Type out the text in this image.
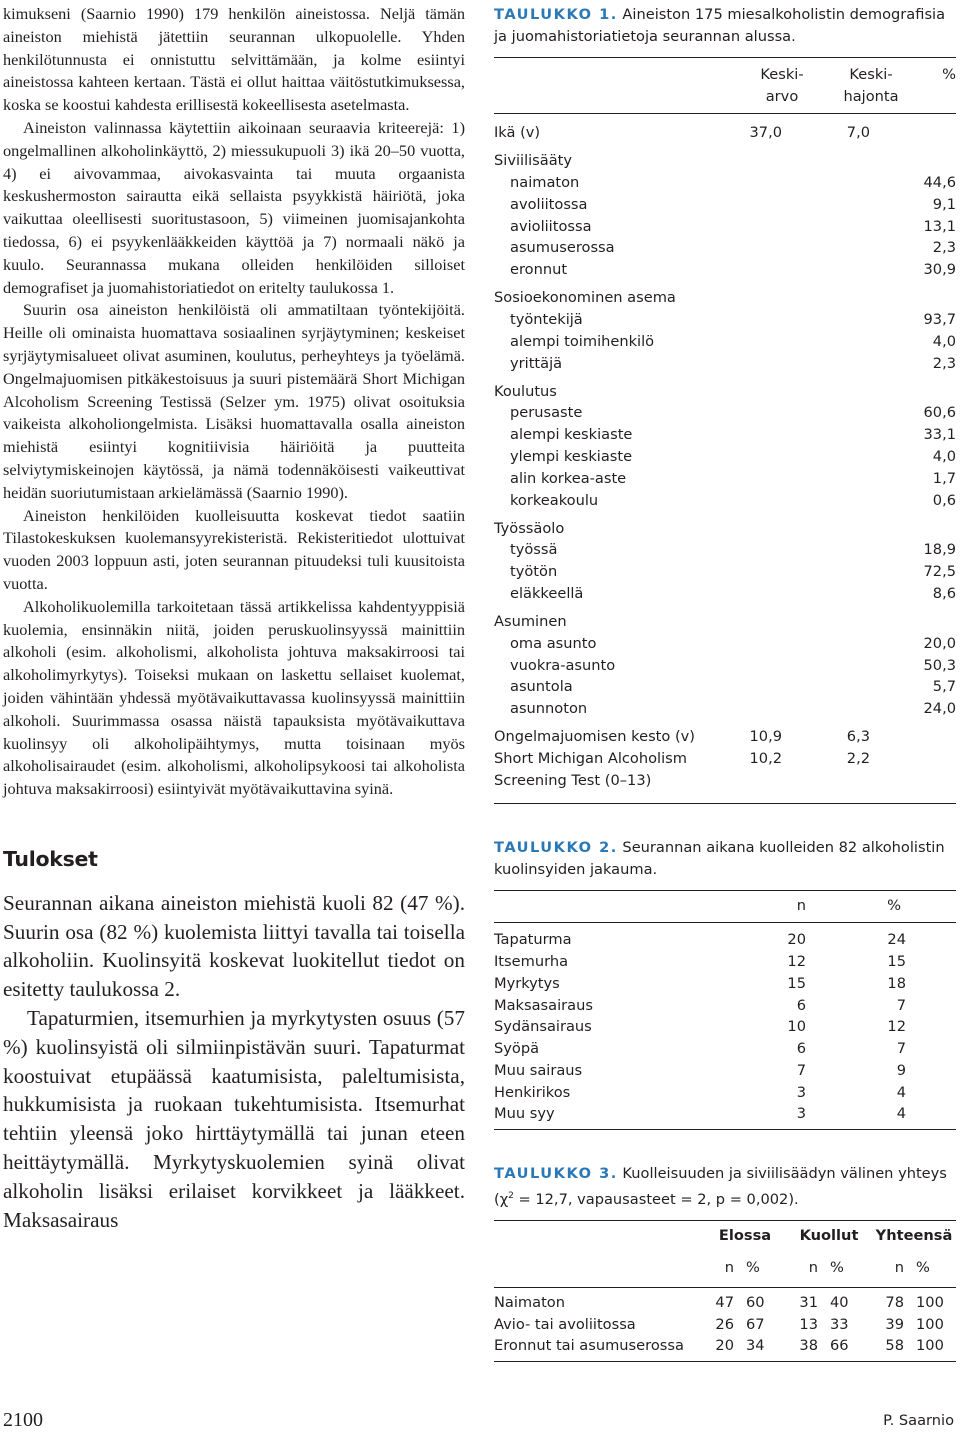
kimukseni (Saarnio 1990) 179 henkilön aineistossa. Neljä tämän aineiston miehistä jätettiin seurannan ulkopuolelle. Yhden henkilötunnusta ei onnistuttu selvittämään, ja kolme esiintyi aineistossa kahteen kertaan. Tästä ei ollut haittaa väitöstutkimuksessa, koska se koostui kahdesta erillisestä kokeellisesta asetelmasta.

Aineiston valinnassa käytettiin aikoinaan seuraavia kriteerejä: 1) ongelmallinen alkoholinkäyttö, 2) miessukupuoli 3) ikä 20–50 vuotta, 4) ei aivovammaa, aivokasvainta tai muuta orgaanista keskushermoston sairautta eikä sellaista psyykkistä häiriötä, joka vaikuttaa oleellisesti suoritustasoon, 5) viimeinen juomisajankohta tiedossa, 6) ei psyykenlääkkeiden käyttöä ja 7) normaali näkö ja kuulo. Seurannassa mukana olleiden henkilöiden silloiset demografiset ja juomahistoriatiedot on eritelty taulukossa 1.

Suurin osa aineiston henkilöistä oli ammatiltaan työntekijöitä. Heille oli ominaista huomattava sosiaalinen syrjäytyminen; keskeiset syrjäytymisalueet olivat asuminen, koulutus, perheyhteys ja työelämä. Ongelmajuomisen pitkäkestoisuus ja suuri pistemäärä Short Michigan Alcoholism Screening Testissä (Selzer ym. 1975) olivat osoituksia vaikeista alkoholiongelmista. Lisäksi huomattavalla osalla aineiston miehistä esiintyi kognitiivisia häiriöitä ja puutteita selviytymiskeinojen käytössä, ja nämä todennäköisesti vaikeuttivat heidän suoriutumistaan arkielämässä (Saarnio 1990).

Aineiston henkilöiden kuolleisuutta koskevat tiedot saatiin Tilastokeskuksen kuolemansyyrekisteristä. Rekisteritiedot ulottuivat vuoden 2003 loppuun asti, joten seurannan pituudeksi tuli kuusitoista vuotta.

Alkoholikuolemilla tarkoitetaan tässä artikkelissa kahdentyyppisiä kuolemia, ensinnäkin niitä, joiden peruskuolinsyyssä mainittiin alkoholi (esim. alkoholismi, alkoholista johtuva maksakirroosi tai alkoholimyrkytys). Toiseksi mukaan on laskettu sellaiset kuolemat, joiden vähintään yhdessä myötävaikuttavassa kuolinsyyssä mainittiin alkoholi. Suurimmassa osassa näistä tapauksista myötävaikuttava kuolinsyy oli alkoholipäihtymys, mutta toisinaan myös alkoholisairaudet (esim. alkoholismi, alkoholipsykoosi tai alkoholista johtuva maksakirroosi) esiintyivät myötävaikuttavina syinä.

Tulokset

Seurannan aikana aineiston miehistä kuoli 82 (47 %). Suurin osa (82 %) kuolemista liittyi tavalla tai toisella alkoholiin. Kuolinsyitä koskevat luokitellut tiedot on esitetty taulukossa 2.

Tapaturmien, itsemurhien ja myrkytysten osuus (57 %) kuolinsyistä oli silmiinpistävän suuri. Tapaturmat koostuivat etupäässä kaatumisista, paleltumisista, hukkumisista ja ruokaan tukehtumisista. Itsemurhat tehtiin yleensä joko hirttäytymällä tai junan eteen heittäytymällä. Myrkytyskuolemien syinä olivat alkoholin lisäksi erilaiset korvikkeet ja lääkkeet. Maksasairaus

TAULUKKO 1. Aineiston 175 miesalkoholistin demografisia ja juomahistoriatietoja seurannan alussa.

	Keski-	Keski-	%
	arvo	hajonta	
Ikä (v)	37,0	7,0	
Siviilisääty			
naimaton			44,6
avoliitossa			9,1
avioliitossa			13,1
asumuserossa			2,3
eronnut			30,9
Sosioekonominen asema			
työntekijä			93,7
alempi toimihenkilö			4,0
yrittäjä			2,3
Koulutus			
perusaste			60,6
alempi keskiaste			33,1
ylempi keskiaste			4,0
alin korkea-aste			1,7
korkeakoulu			0,6
Työssäolo			
työssä			18,9
työtön			72,5
eläkkeellä			8,6
Asuminen			
oma asunto			20,0
vuokra-asunto			50,3
asuntola			5,7
asunnoton			24,0
Ongelmajuomisen kesto (v)	10,9	6,3	
Short Michigan Alcoholism	10,2	2,2	
Screening Test (0–13)			

TAULUKKO 2. Seurannan aikana kuolleiden 82 alkoholistin kuolinsyiden jakauma.

	n	%	
Tapaturma	20	24	
Itsemurha	12	15	
Myrkytys	15	18	
Maksasairaus	6	7	
Sydänsairaus	10	12	
Syöpä	6	7	
Muu sairaus	7	9	
Henkirikos	3	4	
Muu syy	3	4	

TAULUKKO 3. Kuolleisuuden ja siviilisäädyn välinen yhteys ($\chi^2 = 12,7$, vapausasteet = 2, p = 0,002).

	Elossa	Kuollut	Yhteensä
	n	%	n	%	n	%
Naimaton	47	60	31	40	78	100
Avio- tai avoliitossa	26	67	13	33	39	100
Eronnut tai asumuserossa	20	34	38	66	58	100
2100	P. Saarnio
